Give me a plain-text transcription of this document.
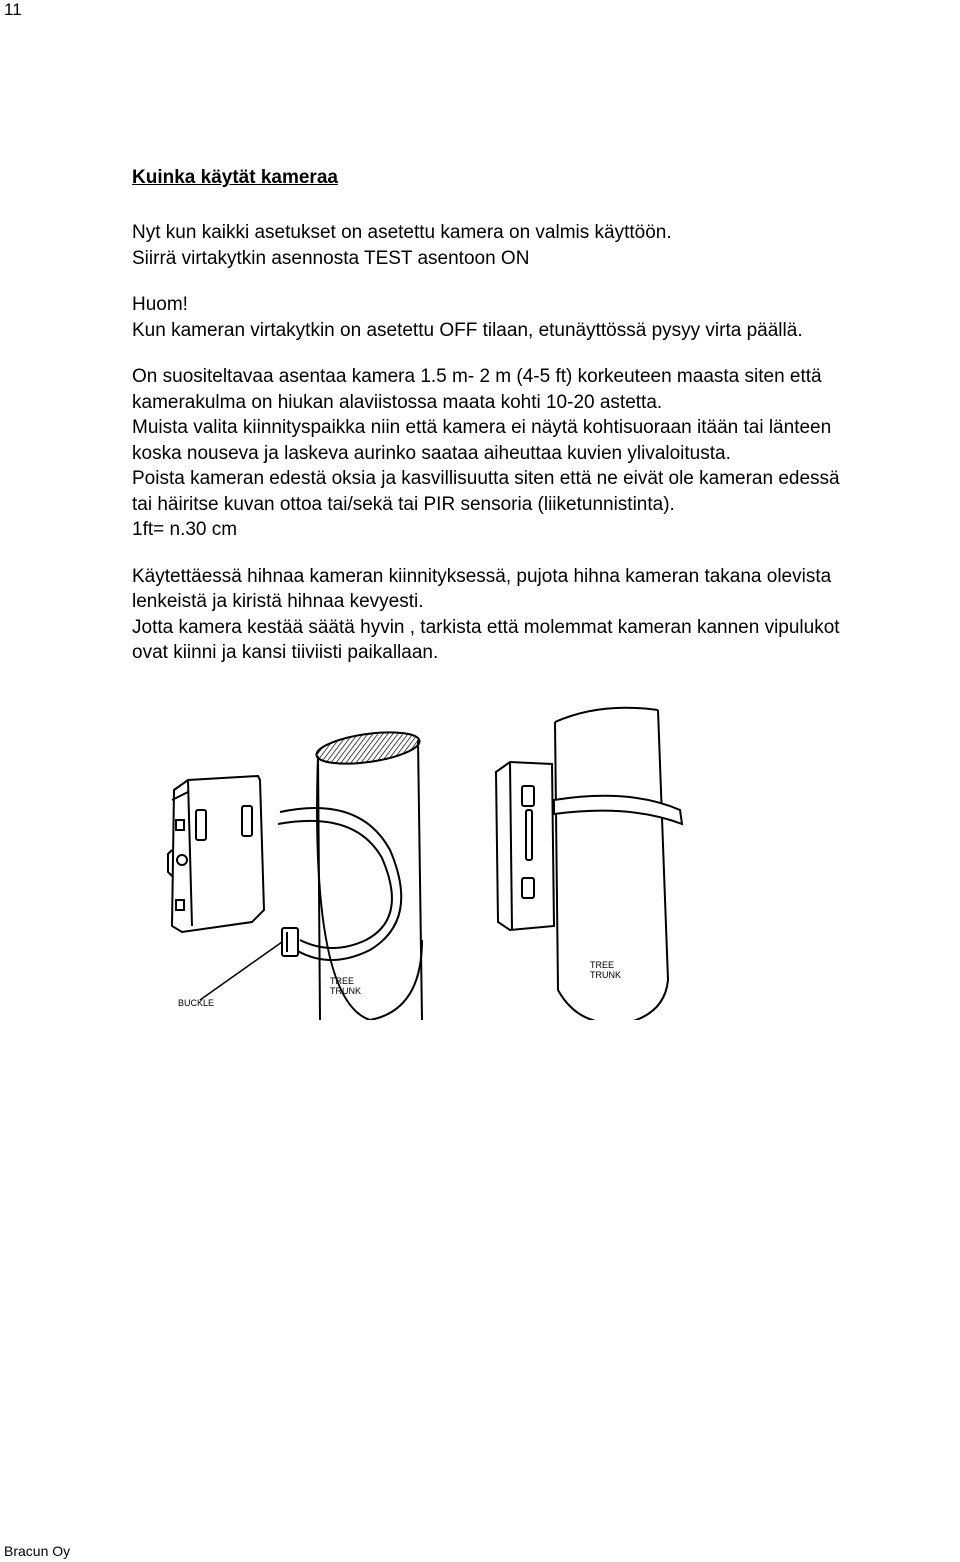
11
Kuinka käytät kameraa

Nyt kun kaikki asetukset on asetettu kamera on valmis käyttöön.

Siirrä virtakytkin asennosta TEST asentoon ON

Huom!

Kun kameran virtakytkin on asetettu OFF tilaan, etunäyttössä pysyy virta päällä.

On suositeltavaa asentaa kamera 1.5 m- 2 m (4-5 ft) korkeuteen maasta siten että

kamerakulma on hiukan alaviistossa maata kohti 10-20 astetta.

Muista valita kiinnityspaikka niin että kamera ei näytä kohtisuoraan itään tai länteen

koska nouseva ja laskeva aurinko saataa aiheuttaa kuvien ylivaloitusta.

Poista kameran edestä oksia ja kasvillisuutta siten että ne eivät ole kameran edessä

tai häiritse kuvan ottoa tai/sekä tai PIR sensoria (liiketunnistinta).

1ft= n.30 cm

Käytettäessä hihnaa kameran kiinnityksessä, pujota hihna kameran takana olevista

lenkeistä ja kiristä hihnaa kevyesti.

Jotta kamera kestää säätä hyvin , tarkista että molemmat kameran kannen vipulukot

ovat kiinni ja kansi tiiviisti paikallaan.

BUCKLE
TREE
TRUNK
TREE
TRUNK
Bracun Oy
